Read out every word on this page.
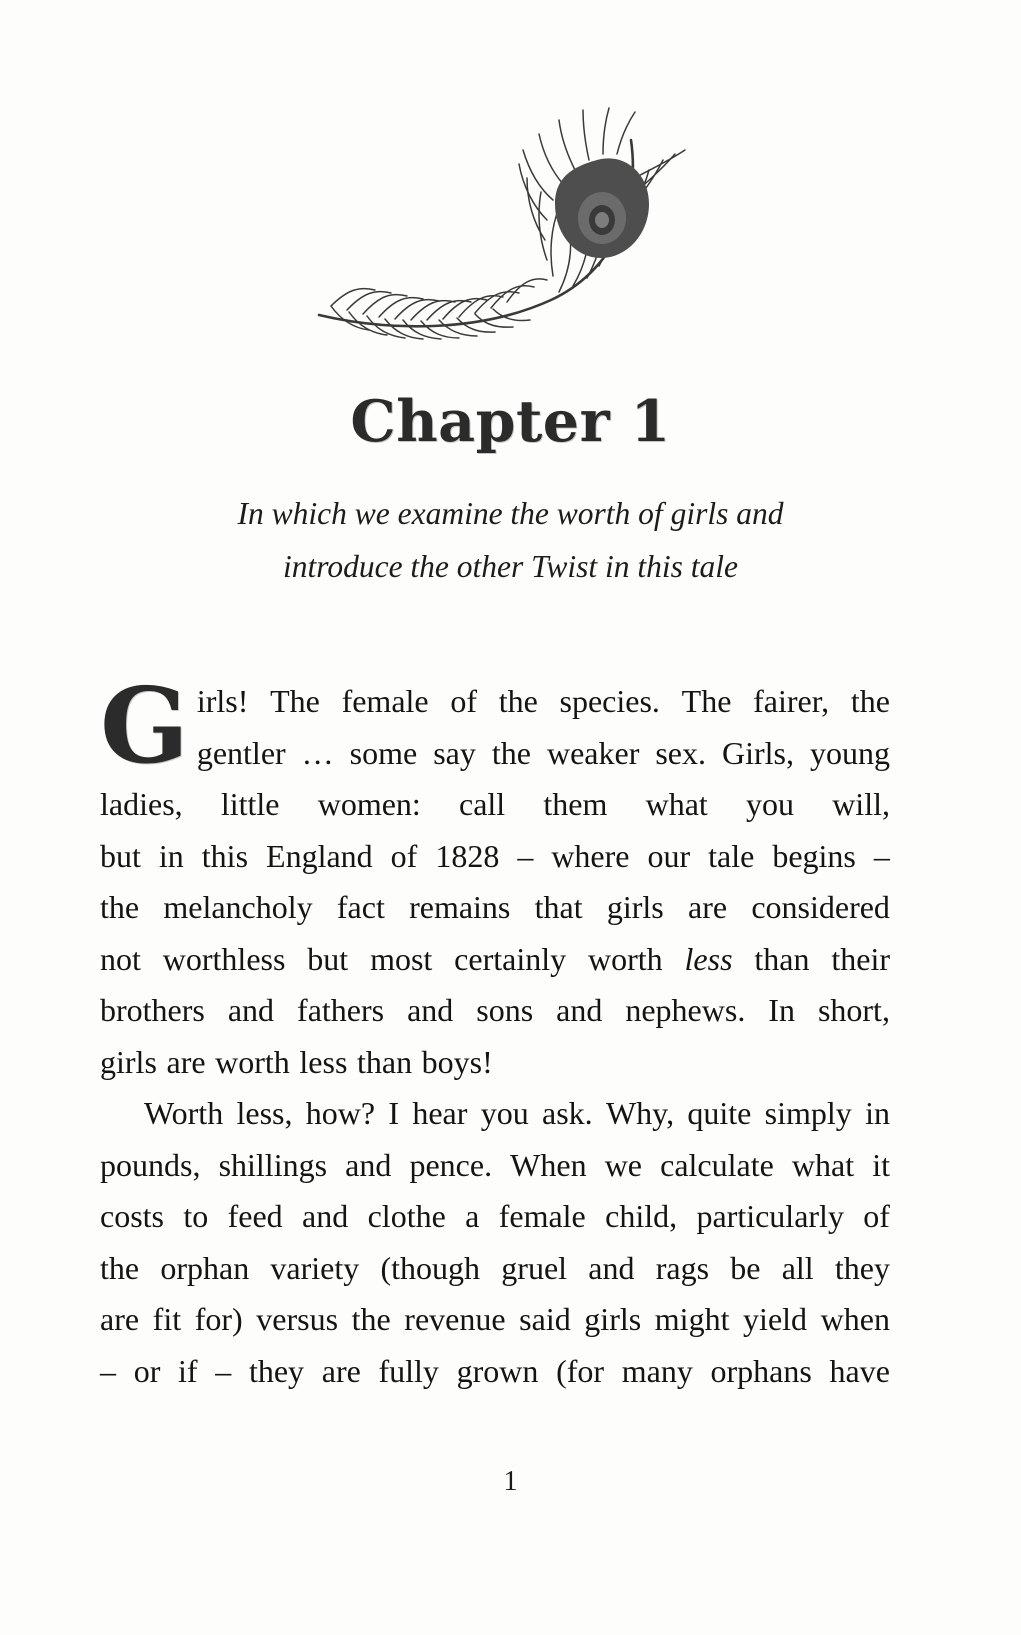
Chapter 1
In which we examine the worth of girls and
introduce the other Twist in this tale

G irls! The female of the species. The fairer, the
gentler … some say the weaker sex. Girls, young
ladies, little women: call them what you will,
but in this England of 1828 – where our tale begins –
the melancholy fact remains that girls are considered
not worthless but most certainly worth less than their
brothers and fathers and sons and nephews. In short,
girls are worth less than boys!

Worth less, how? I hear you ask. Why, quite simply in
pounds, shillings and pence. When we calculate what it
costs to feed and clothe a female child, particularly of
the orphan variety (though gruel and rags be all they
are fit for) versus the revenue said girls might yield when
– or if – they are fully grown (for many orphans have

1
